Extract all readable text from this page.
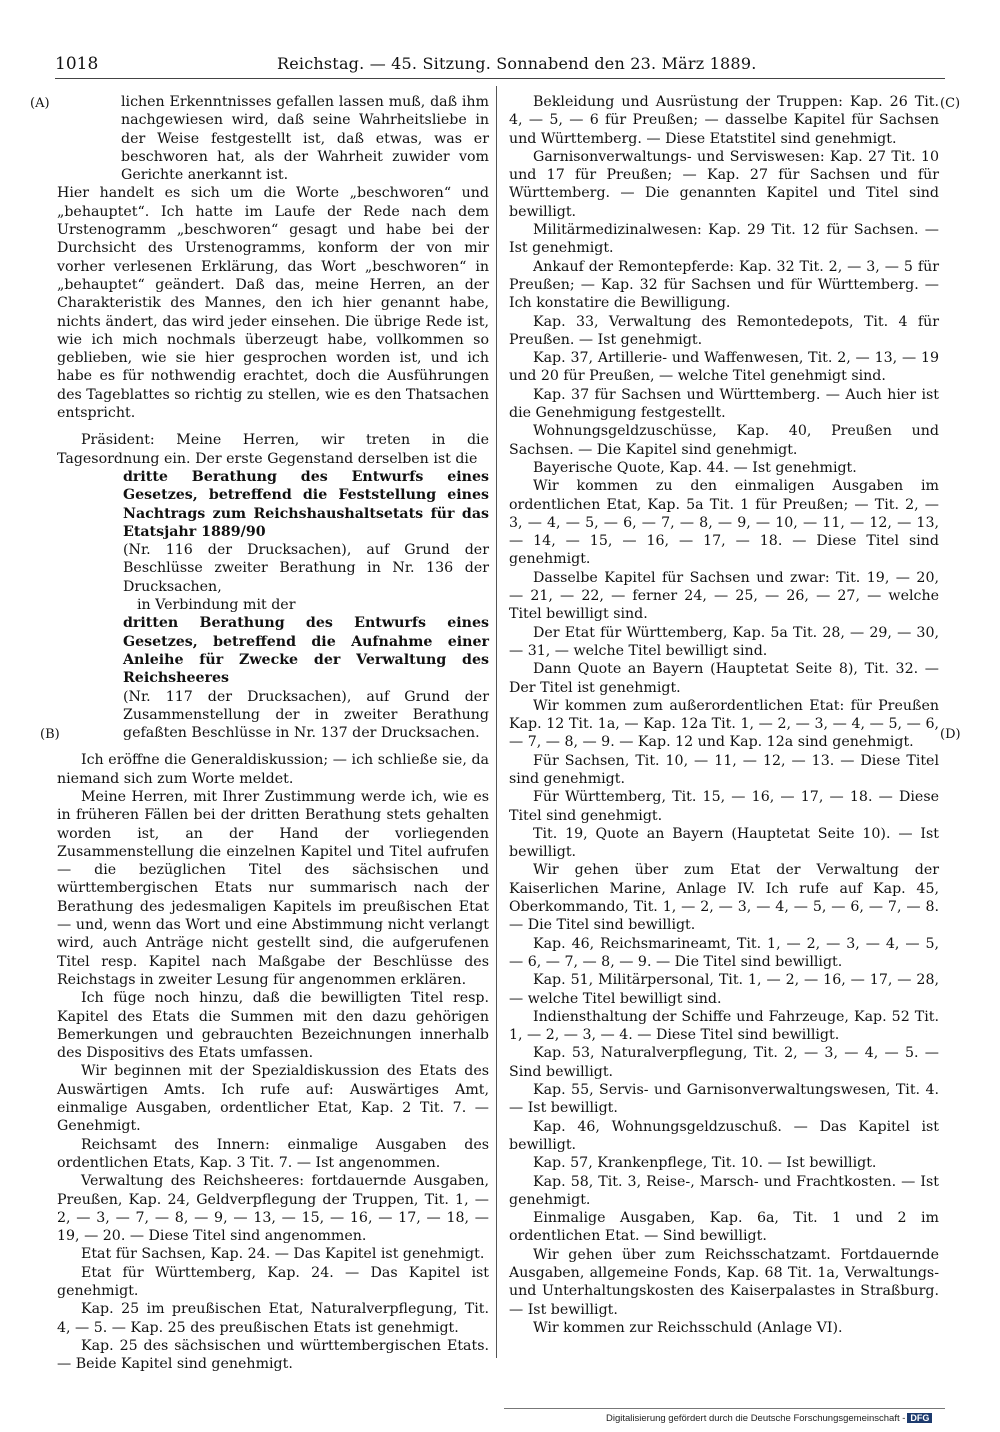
1018	Reichstag. — 45. Sitzung. Sonnabend den 23. März 1889.
(A)
(B)
(C)
(D)

lichen Erkenntnisses gefallen lassen muß, daß ihm nachgewiesen wird, daß seine Wahrheitsliebe in der Weise festgestellt ist, daß etwas, was er beschworen hat, als der Wahrheit zuwider vom Gerichte anerkannt ist.

Hier handelt es sich um die Worte „beschworen“ und „behauptet“. Ich hatte im Laufe der Rede nach dem Urstenogramm „beschworen“ gesagt und habe bei der Durchsicht des Urstenogramms, konform der von mir vorher verlesenen Erklärung, das Wort „beschworen“ in „behauptet“ geändert. Daß das, meine Herren, an der Charakteristik des Mannes, den ich hier genannt habe, nichts ändert, das wird jeder einsehen. Die übrige Rede ist, wie ich mich nochmals überzeugt habe, vollkommen so geblieben, wie sie hier gesprochen worden ist, und ich habe es für nothwendig erachtet, doch die Ausführungen des Tageblattes so richtig zu stellen, wie es den Thatsachen entspricht.

Präsident: Meine Herren, wir treten in die Tagesordnung ein. Der erste Gegenstand derselben ist die

dritte Berathung des Entwurfs eines Gesetzes, betreffend die Feststellung eines Nachtrags zum Reichshaushaltsetats für das Etatsjahr 1889/90

(Nr. 116 der Drucksachen), auf Grund der Beschlüsse zweiter Berathung in Nr. 136 der Drucksachen,

in Verbindung mit der

dritten Berathung des Entwurfs eines Gesetzes, betreffend die Aufnahme einer Anleihe für Zwecke der Verwaltung des Reichsheeres

(Nr. 117 der Drucksachen), auf Grund der Zusammenstellung der in zweiter Berathung gefaßten Beschlüsse in Nr. 137 der Drucksachen.

Ich eröffne die Generaldiskussion; — ich schließe sie, da niemand sich zum Worte meldet.

Meine Herren, mit Ihrer Zustimmung werde ich, wie es in früheren Fällen bei der dritten Berathung stets gehalten worden ist, an der Hand der vorliegenden Zusammenstellung die einzelnen Kapitel und Titel aufrufen — die bezüglichen Titel des sächsischen und württembergischen Etats nur summarisch nach der Berathung des jedesmaligen Kapitels im preußischen Etat — und, wenn das Wort und eine Abstimmung nicht verlangt wird, auch Anträge nicht gestellt sind, die aufgerufenen Titel resp. Kapitel nach Maßgabe der Beschlüsse des Reichstags in zweiter Lesung für angenommen erklären.

Ich füge noch hinzu, daß die bewilligten Titel resp. Kapitel des Etats die Summen mit den dazu gehörigen Bemerkungen und gebrauchten Bezeichnungen innerhalb des Dispositivs des Etats umfassen.

Wir beginnen mit der Spezialdiskussion des Etats des Auswärtigen Amts. Ich rufe auf: Auswärtiges Amt, einmalige Ausgaben, ordentlicher Etat, Kap. 2 Tit. 7. — Genehmigt.

Reichsamt des Innern: einmalige Ausgaben des ordentlichen Etats, Kap. 3 Tit. 7. — Ist angenommen.

Verwaltung des Reichsheeres: fortdauernde Ausgaben, Preußen, Kap. 24, Geldverpflegung der Truppen, Tit. 1, — 2, — 3, — 7, — 8, — 9, — 13, — 15, — 16, — 17, — 18, — 19, — 20. — Diese Titel sind angenommen.

Etat für Sachsen, Kap. 24. — Das Kapitel ist genehmigt.

Etat für Württemberg, Kap. 24. — Das Kapitel ist genehmigt.

Kap. 25 im preußischen Etat, Naturalverpflegung, Tit. 4, — 5. — Kap. 25 des preußischen Etats ist genehmigt.

Kap. 25 des sächsischen und württembergischen Etats. — Beide Kapitel sind genehmigt.

Bekleidung und Ausrüstung der Truppen: Kap. 26 Tit. 4, — 5, — 6 für Preußen; — dasselbe Kapitel für Sachsen und Württemberg. — Diese Etatstitel sind genehmigt.

Garnisonverwaltungs- und Serviswesen: Kap. 27 Tit. 10 und 17 für Preußen; — Kap. 27 für Sachsen und für Württemberg. — Die genannten Kapitel und Titel sind bewilligt.

Militärmedizinalwesen: Kap. 29 Tit. 12 für Sachsen. — Ist genehmigt.

Ankauf der Remontepferde: Kap. 32 Tit. 2, — 3, — 5 für Preußen; — Kap. 32 für Sachsen und für Württemberg. — Ich konstatire die Bewilligung.

Kap. 33, Verwaltung des Remontedepots, Tit. 4 für Preußen. — Ist genehmigt.

Kap. 37, Artillerie- und Waffenwesen, Tit. 2, — 13, — 19 und 20 für Preußen, — welche Titel genehmigt sind.

Kap. 37 für Sachsen und Württemberg. — Auch hier ist die Genehmigung festgestellt.

Wohnungsgeldzuschüsse, Kap. 40, Preußen und Sachsen. — Die Kapitel sind genehmigt.

Bayerische Quote, Kap. 44. — Ist genehmigt.

Wir kommen zu den einmaligen Ausgaben im ordentlichen Etat, Kap. 5a Tit. 1 für Preußen; — Tit. 2, — 3, — 4, — 5, — 6, — 7, — 8, — 9, — 10, — 11, — 12, — 13, — 14, — 15, — 16, — 17, — 18. — Diese Titel sind genehmigt.

Dasselbe Kapitel für Sachsen und zwar: Tit. 19, — 20, — 21, — 22, — ferner 24, — 25, — 26, — 27, — welche Titel bewilligt sind.

Der Etat für Württemberg, Kap. 5a Tit. 28, — 29, — 30, — 31, — welche Titel bewilligt sind.

Dann Quote an Bayern (Hauptetat Seite 8), Tit. 32. — Der Titel ist genehmigt.

Wir kommen zum außerordentlichen Etat: für Preußen Kap. 12 Tit. 1a, — Kap. 12a Tit. 1, — 2, — 3, — 4, — 5, — 6, — 7, — 8, — 9. — Kap. 12 und Kap. 12a sind genehmigt.

Für Sachsen, Tit. 10, — 11, — 12, — 13. — Diese Titel sind genehmigt.

Für Württemberg, Tit. 15, — 16, — 17, — 18. — Diese Titel sind genehmigt.

Tit. 19, Quote an Bayern (Hauptetat Seite 10). — Ist bewilligt.

Wir gehen über zum Etat der Verwaltung der Kaiserlichen Marine, Anlage IV. Ich rufe auf Kap. 45, Oberkommando, Tit. 1, — 2, — 3, — 4, — 5, — 6, — 7, — 8. — Die Titel sind bewilligt.

Kap. 46, Reichsmarineamt, Tit. 1, — 2, — 3, — 4, — 5, — 6, — 7, — 8, — 9. — Die Titel sind bewilligt.

Kap. 51, Militärpersonal, Tit. 1, — 2, — 16, — 17, — 28, — welche Titel bewilligt sind.

Indiensthaltung der Schiffe und Fahrzeuge, Kap. 52 Tit. 1, — 2, — 3, — 4. — Diese Titel sind bewilligt.

Kap. 53, Naturalverpflegung, Tit. 2, — 3, — 4, — 5. — Sind bewilligt.

Kap. 55, Servis- und Garnisonverwaltungswesen, Tit. 4. — Ist bewilligt.

Kap. 46, Wohnungsgeldzuschuß. — Das Kapitel ist bewilligt.

Kap. 57, Krankenpflege, Tit. 10. — Ist bewilligt.

Kap. 58, Tit. 3, Reise-, Marsch- und Frachtkosten. — Ist genehmigt.

Einmalige Ausgaben, Kap. 6a, Tit. 1 und 2 im ordentlichen Etat. — Sind bewilligt.

Wir gehen über zum Reichsschatzamt. Fortdauernde Ausgaben, allgemeine Fonds, Kap. 68 Tit. 1a, Verwaltungs- und Unterhaltungskosten des Kaiserpalastes in Straßburg. — Ist bewilligt.

Wir kommen zur Reichsschuld (Anlage VI).

Digitalisierung gefördert durch die Deutsche Forschungsgemeinschaft - DFG
